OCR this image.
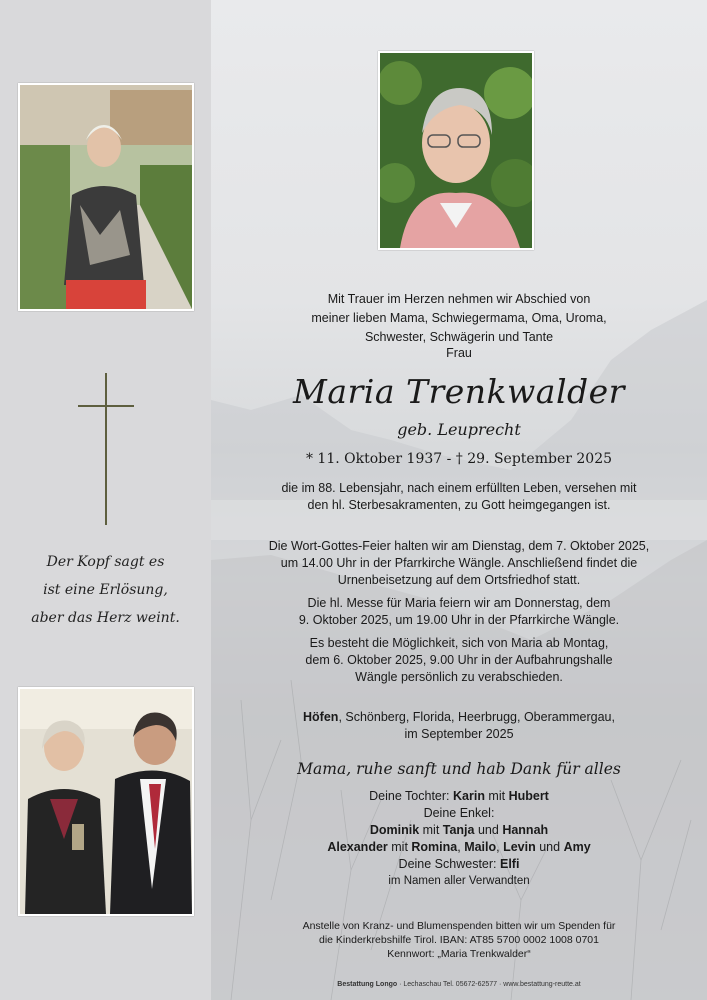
Der Kopf sagt es
ist eine Erlösung,
aber das Herz weint.
Mit Trauer im Herzen nehmen wir Abschied von
meiner lieben Mama, Schwiegermama, Oma, Uroma,
Schwester, Schwägerin und Tante
Frau
Maria Trenkwalder
geb. Leuprecht
* 11. Oktober 1937 - † 29. September 2025
die im 88. Lebensjahr, nach einem erfüllten Leben, versehen mit
den hl. Sterbesakramenten, zu Gott heimgegangen ist.
Die Wort-Gottes-Feier halten wir am Dienstag, dem 7. Oktober 2025,
um 14.00 Uhr in der Pfarrkirche Wängle. Anschließend findet die
Urnenbeisetzung auf dem Ortsfriedhof statt.
Die hl. Messe für Maria feiern wir am Donnerstag, dem
9. Oktober 2025, um 19.00 Uhr in der Pfarrkirche Wängle.
Es besteht die Möglichkeit, sich von Maria ab Montag,
dem 6. Oktober 2025, 9.00 Uhr in der Aufbahrungshalle
Wängle persönlich zu verabschieden.
Höfen, Schönberg, Florida, Heerbrugg, Oberammergau,
im September 2025
Mama, ruhe sanft und hab Dank für alles
Deine Tochter: Karin mit Hubert
Deine Enkel:
Dominik mit Tanja und Hannah
Alexander mit Romina, Mailo, Levin und Amy
Deine Schwester: Elfi
im Namen aller Verwandten
Anstelle von Kranz- und Blumenspenden bitten wir um Spenden für
die Kinderkrebshilfe Tirol. IBAN: AT85 5700 0002 1008 0701
Kennwort: „Maria Trenkwalder“
Bestattung Longo · Lechaschau Tel. 05672-62577 · www.bestattung-reutte.at
